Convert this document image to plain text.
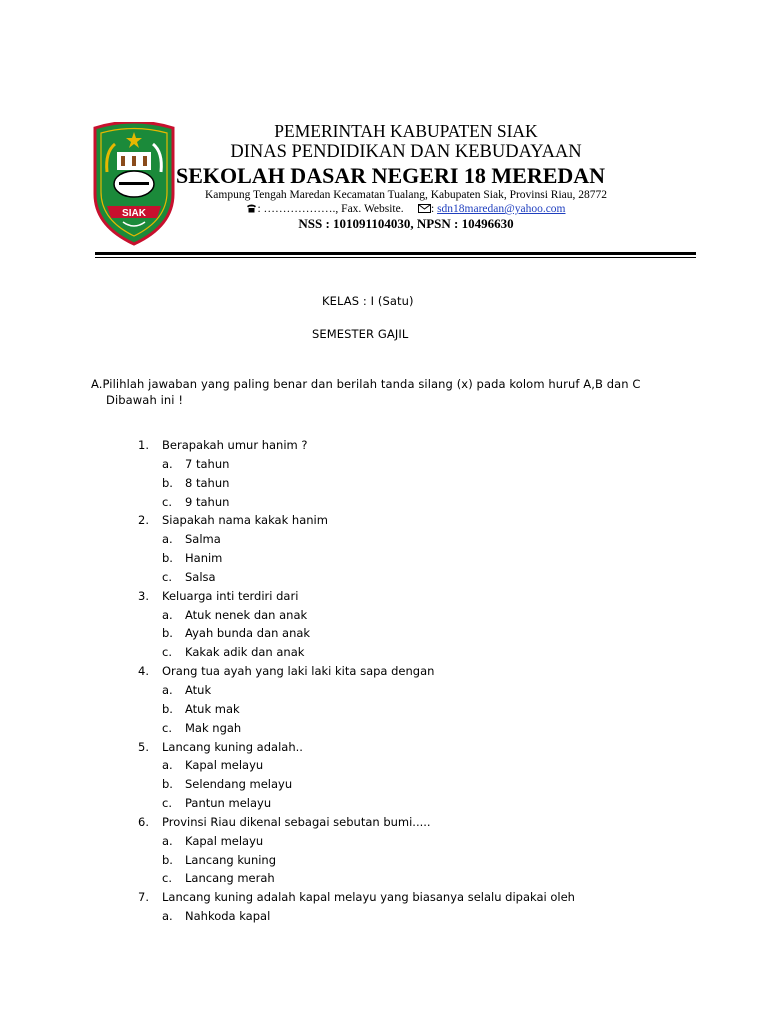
SIAK
PEMERINTAH KABUPATEN SIAK
DINAS PENDIDIKAN DAN KEBUDAYAAN
SEKOLAH DASAR NEGERI 18 MEREDAN
Kampung Tengah Maredan Kecamatan Tualang, Kabupaten Siak, Provinsi Riau, 28772
: ………………., Fax. Website. : sdn18maredan@yahoo.com
NSS : 101091104030, NPSN : 10496630
KELAS : I (Satu)
SEMESTER GAJIL
A.Pilihlah jawaban yang paling benar dan berilah tanda silang (x) pada kolom huruf A,B dan C
Dibawah ini !
1. Berapakah umur hanim ?
a. 7 tahun
b. 8 tahun
c. 9 tahun
2. Siapakah nama kakak hanim
a. Salma
b. Hanim
c. Salsa
3. Keluarga inti terdiri dari
a. Atuk nenek dan anak
b. Ayah bunda dan anak
c. Kakak adik dan anak
4. Orang tua ayah yang laki laki kita sapa dengan
a. Atuk
b. Atuk mak
c. Mak ngah
5. Lancang kuning adalah..
a. Kapal melayu
b. Selendang melayu
c. Pantun melayu
6. Provinsi Riau dikenal sebagai sebutan bumi.....
a. Kapal melayu
b. Lancang kuning
c. Lancang merah
7. Lancang kuning adalah kapal melayu yang biasanya selalu dipakai oleh
a. Nahkoda kapal
